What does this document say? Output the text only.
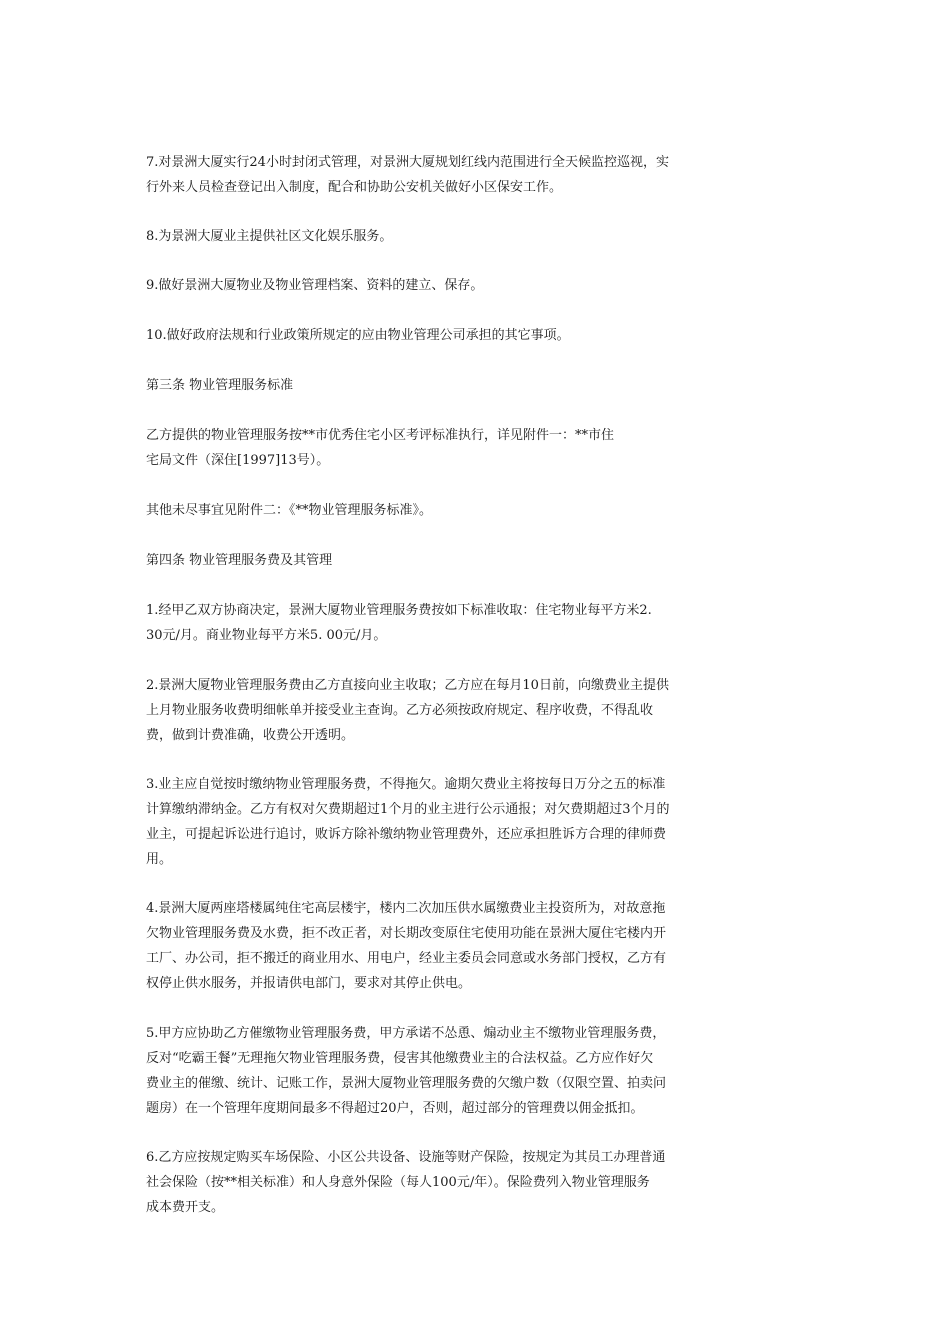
7.对景洲大厦实行24小时封闭式管理，对景洲大厦规划红线内范围进行全天候监控巡视，实
行外来人员检查登记出入制度，配合和协助公安机关做好小区保安工作。
8.为景洲大厦业主提供社区文化娱乐服务。
9.做好景洲大厦物业及物业管理档案、资料的建立、保存。
10.做好政府法规和行业政策所规定的应由物业管理公司承担的其它事项。
第三条 物业管理服务标准
乙方提供的物业管理服务按**市优秀住宅小区考评标准执行，详见附件一：**市住
宅局文件（深住[1997]13号）。
其他未尽事宜见附件二：《**物业管理服务标准》。
第四条 物业管理服务费及其管理
1.经甲乙双方协商决定，景洲大厦物业管理服务费按如下标准收取：住宅物业每平方米2.
30元/月。商业物业每平方米5. 00元/月。
2.景洲大厦物业管理服务费由乙方直接向业主收取；乙方应在每月10日前，向缴费业主提供
上月物业服务收费明细帐单并接受业主查询。乙方必须按政府规定、程序收费，不得乱收
费，做到计费准确，收费公开透明。
3.业主应自觉按时缴纳物业管理服务费，不得拖欠。逾期欠费业主将按每日万分之五的标准
计算缴纳滞纳金。乙方有权对欠费期超过1个月的业主进行公示通报；对欠费期超过3个月的
业主，可提起诉讼进行追讨，败诉方除补缴纳物业管理费外，还应承担胜诉方合理的律师费
用。
4.景洲大厦两座塔楼属纯住宅高层楼宇，楼内二次加压供水属缴费业主投资所为，对故意拖
欠物业管理服务费及水费，拒不改正者，对长期改变原住宅使用功能在景洲大厦住宅楼内开
工厂、办公司，拒不搬迁的商业用水、用电户，经业主委员会同意或水务部门授权，乙方有
权停止供水服务，并报请供电部门，要求对其停止供电。
5.甲方应协助乙方催缴物业管理服务费，甲方承诺不怂恿、煽动业主不缴物业管理服务费，
反对“吃霸王餐”无理拖欠物业管理服务费，侵害其他缴费业主的合法权益。乙方应作好欠
费业主的催缴、统计、记账工作，景洲大厦物业管理服务费的欠缴户数（仅限空置、拍卖问
题房）在一个管理年度期间最多不得超过20户，否则，超过部分的管理费以佣金抵扣。
6.乙方应按规定购买车场保险、小区公共设备、设施等财产保险，按规定为其员工办理普通
社会保险（按**相关标准）和人身意外保险（每人100元/年）。保险费列入物业管理服务
成本费开支。
